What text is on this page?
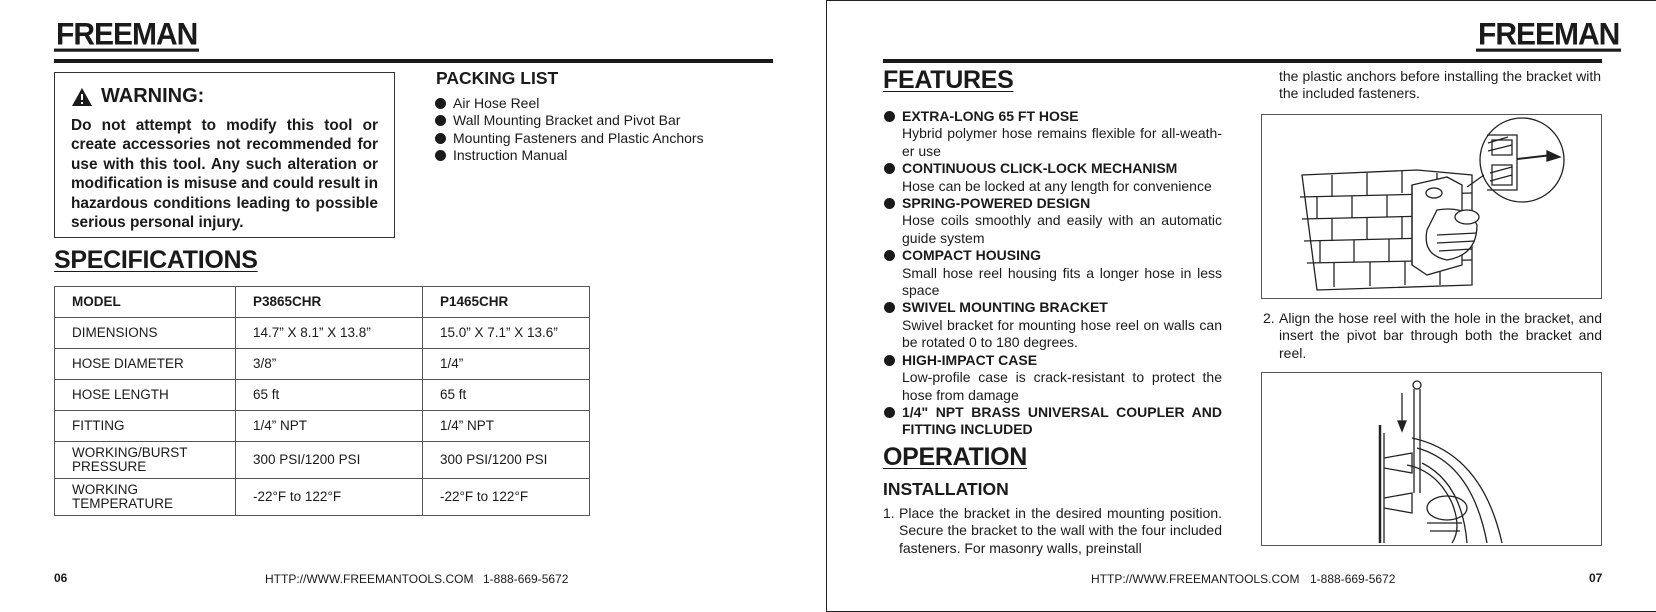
FREEMAN
WARNING:
Do not attempt to modify this tool or create accessories not recommended for use with this tool. Any such alteration or modification is misuse and could result in hazardous conditions leading to possible serious personal injury.
PACKING LIST
Air Hose Reel
Wall Mounting Bracket and Pivot Bar
Mounting Fasteners and Plastic Anchors
Instruction Manual
SPECIFICATIONS
MODEL	P3865CHR	P1465CHR
DIMENSIONS	14.7” X 8.1” X 13.8”	15.0” X 7.1” X 13.6”
HOSE DIAMETER	3/8”	1/4”
HOSE LENGTH	65 ft	65 ft
FITTING	1/4” NPT	1/4” NPT

WORKING/BURST PRESSURE	300 PSI/1200 PSI	300 PSI/1200 PSI

WORKING TEMPERATURE	-22°F to 122°F	-22°F to 122°F
06	HTTP://WWW.FREEMANTOOLS.COM 1-888-669-5672
FREEMAN
FEATURES
EXTRA-LONG 65 FT HOSE
Hybrid polymer hose remains flexible for all-weath-er use
CONTINUOUS CLICK-LOCK MECHANISM
Hose can be locked at any length for convenience
SPRING-POWERED DESIGN
Hose coils smoothly and easily with an automatic guide system
COMPACT HOUSING
Small hose reel housing fits a longer hose in less space
SWIVEL MOUNTING BRACKET
Swivel bracket for mounting hose reel on walls can be rotated 0 to 180 degrees.
HIGH-IMPACT CASE
Low-profile case is crack-resistant to protect the hose from damage
1/4" NPT BRASS UNIVERSAL COUPLER AND FITTING INCLUDED
OPERATION
INSTALLATION
1. Place the bracket in the desired mounting position. Secure the bracket to the wall with the four included fasteners. For masonry walls, preinstall
the plastic anchors before installing the bracket with the included fasteners.
2. Align the hose reel with the hole in the bracket, and insert the pivot bar through both the bracket and reel.
HTTP://WWW.FREEMANTOOLS.COM 1-888-669-5672	07
